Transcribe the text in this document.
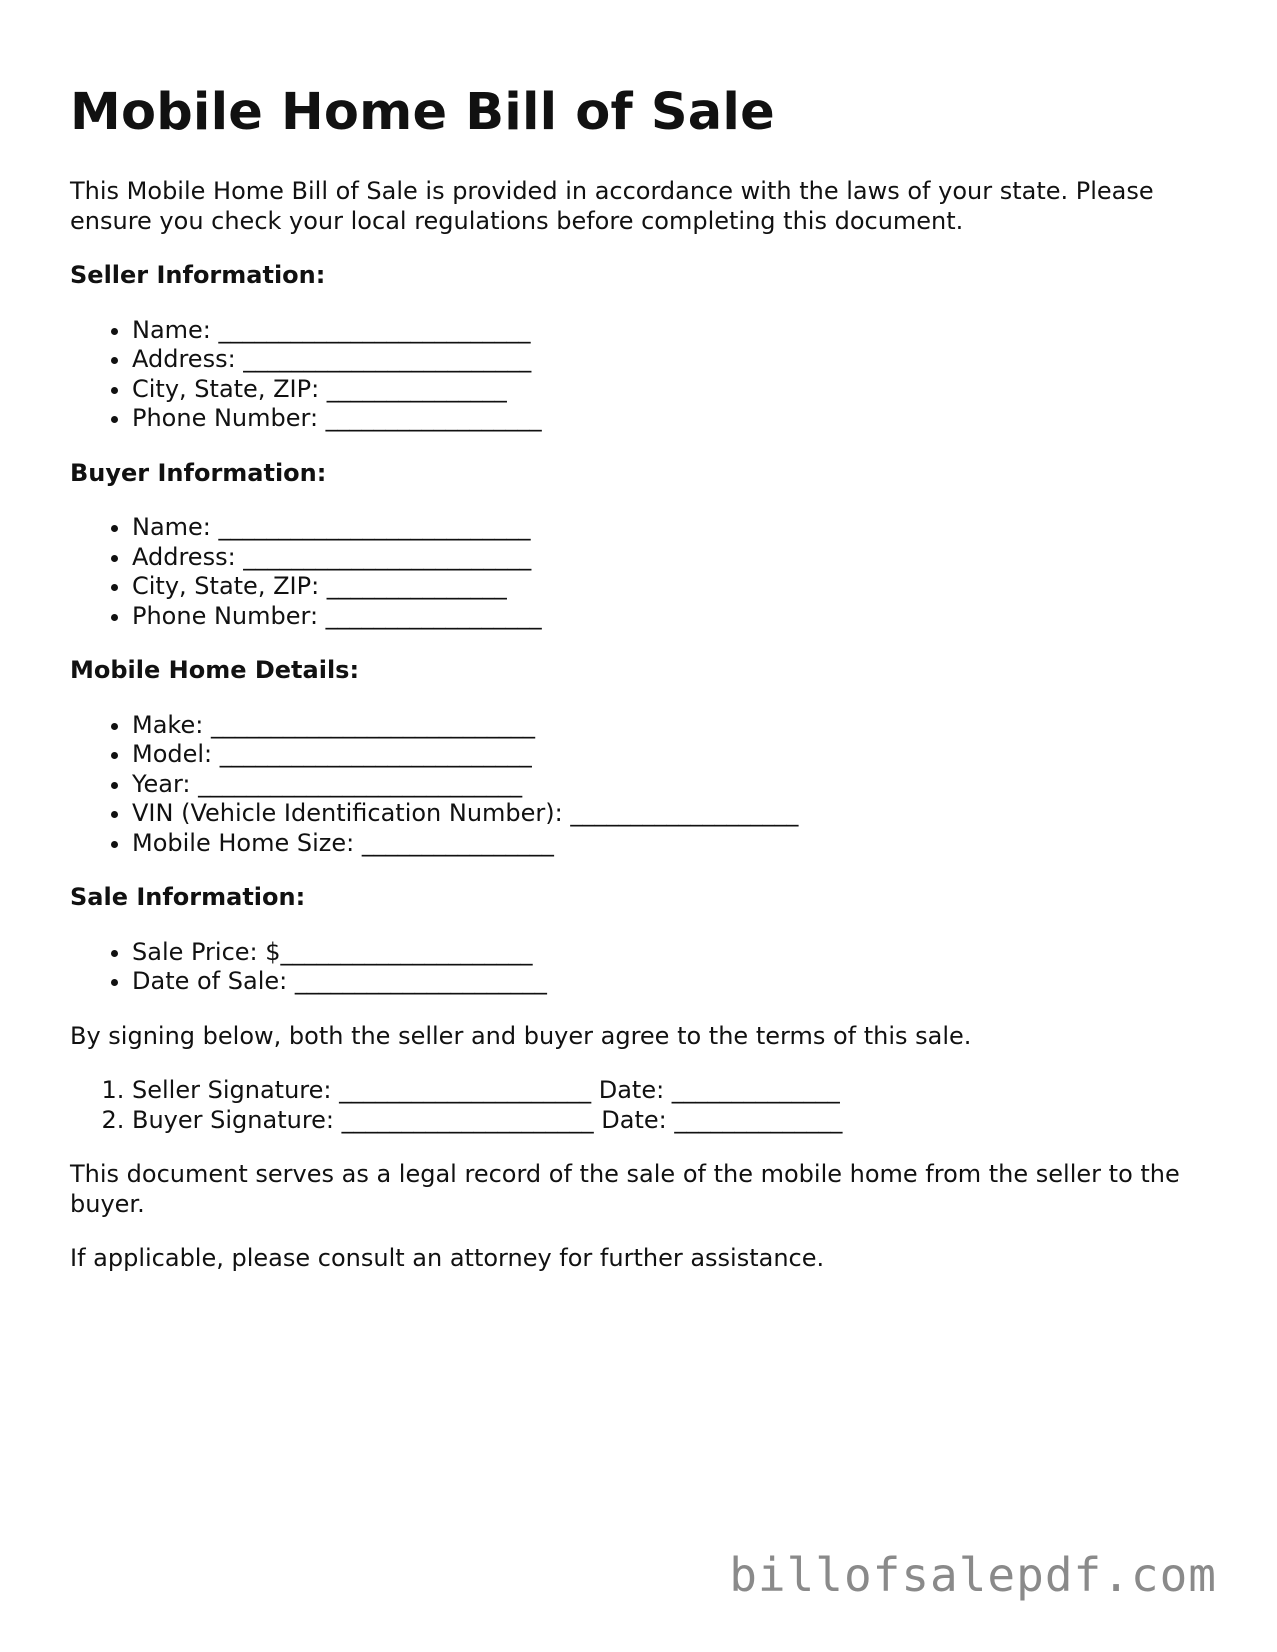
Mobile Home Bill of Sale

This Mobile Home Bill of Sale is provided in accordance with the laws of your state. Please ensure you check your local regulations before completing this document.

Seller Information:
• Name: __________________________
• Address: ________________________
• City, State, ZIP: _______________
• Phone Number: __________________
Buyer Information:
• Name: __________________________
• Address: ________________________
• City, State, ZIP: _______________
• Phone Number: __________________
Mobile Home Details:
• Make: ___________________________
• Model: __________________________
• Year: ___________________________
• VIN (Vehicle Identification Number): ___________________
• Mobile Home Size: ________________
Sale Information:
• Sale Price: $_____________________
• Date of Sale: _____________________

By signing below, both the seller and buyer agree to the terms of this sale.

1. Seller Signature: _____________________ Date: ______________
2. Buyer Signature: _____________________ Date: ______________

This document serves as a legal record of the sale of the mobile home from the seller to the buyer.

If applicable, please consult an attorney for further assistance.

billofsalepdf.com
